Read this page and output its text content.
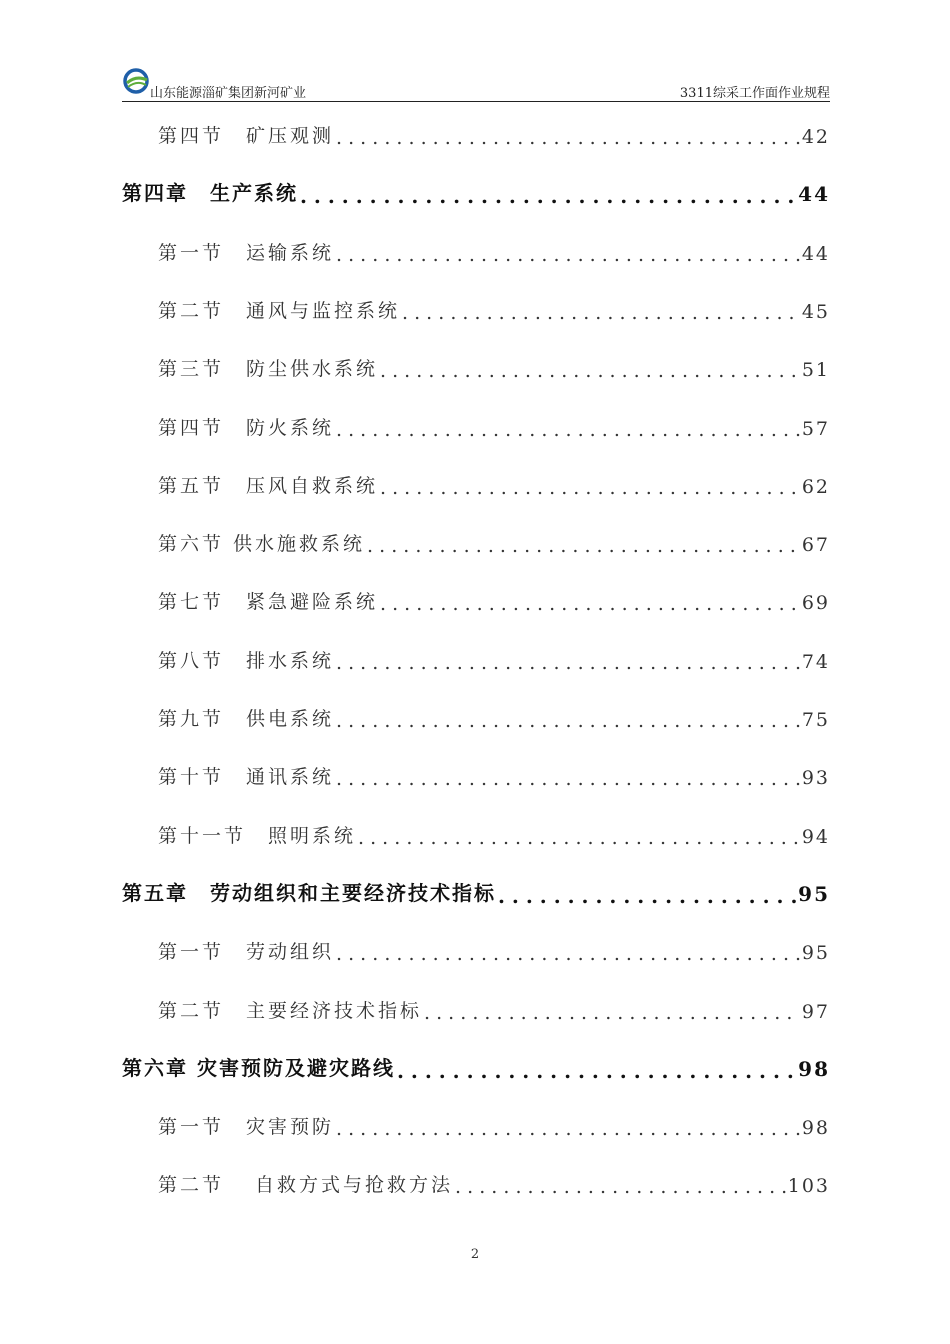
山东能源淄矿集团新河矿业	3311综采工作面作业规程
第四节　矿压观测 . . .	42
第四章　生产系统 . . .	44
第一节　运输系统 . . .	44
第二节　通风与监控系统 . . .	45
第三节　防尘供水系统 . . .	51
第四节　防火系统 . . .	57
第五节　压风自救系统 . . .	62
第六节 供水施救系统 . . .	67
第七节　紧急避险系统 . . .	69
第八节　排水系统 . . .	74
第九节　供电系统 . . .	75
第十节　通讯系统 . . .	93
第十一节　照明系统 . . .	94
第五章　劳动组织和主要经济技术指标 . . .	95
第一节　劳动组织 . . .	95
第二节　主要经济技术指标 . . .	97
第六章 灾害预防及避灾路线 . . .	98
第一节　灾害预防 . . .	98
第二节　 自救方式与抢救方法 . . .	103
2
